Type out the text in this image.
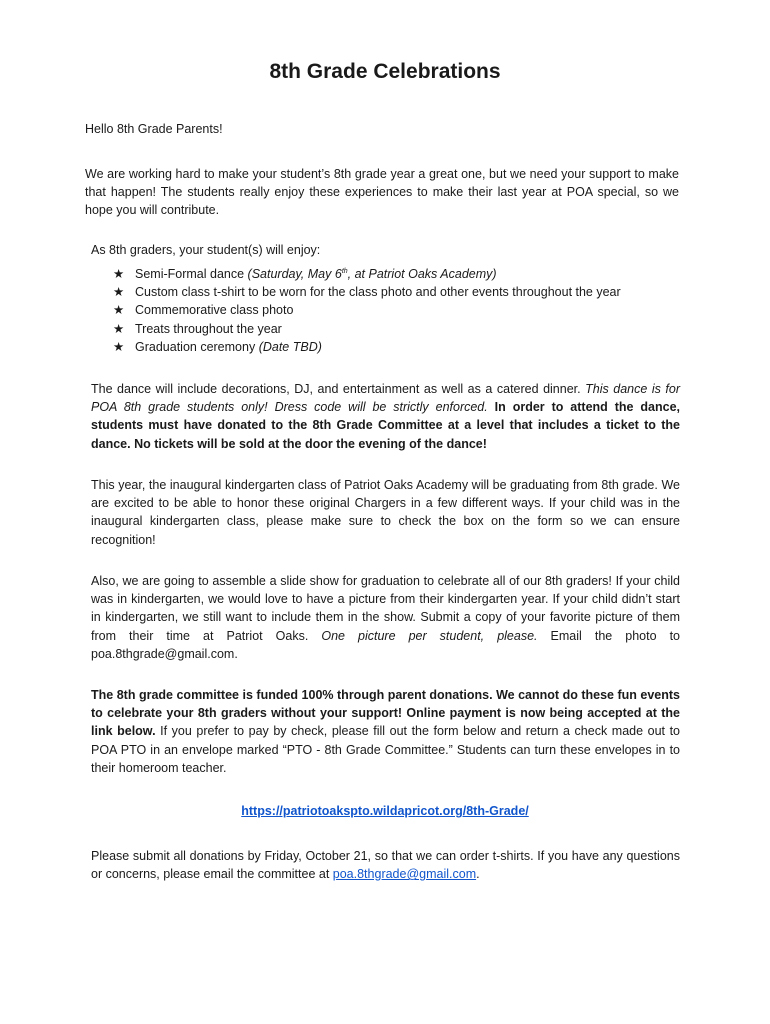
8th Grade Celebrations

Hello 8th Grade Parents!

We are working hard to make your student’s 8th grade year a great one, but we need your support to make that happen! The students really enjoy these experiences to make their last year at POA special, so we hope you will contribute.

As 8th graders, your student(s) will enjoy:

★ Semi-Formal dance (Saturday, May 6th, at Patriot Oaks Academy)
★ Custom class t-shirt to be worn for the class photo and other events throughout the year
★ Commemorative class photo
★ Treats throughout the year
★ Graduation ceremony (Date TBD)

The dance will include decorations, DJ, and entertainment as well as a catered dinner. This dance is for POA 8th grade students only! Dress code will be strictly enforced. In order to attend the dance, students must have donated to the 8th Grade Committee at a level that includes a ticket to the dance. No tickets will be sold at the door the evening of the dance!

This year, the inaugural kindergarten class of Patriot Oaks Academy will be graduating from 8th grade. We are excited to be able to honor these original Chargers in a few different ways. If your child was in the inaugural kindergarten class, please make sure to check the box on the form so we can ensure recognition!

Also, we are going to assemble a slide show for graduation to celebrate all of our 8th graders! If your child was in kindergarten, we would love to have a picture from their kindergarten year. If your child didn’t start in kindergarten, we still want to include them in the show. Submit a copy of your favorite picture of them from their time at Patriot Oaks. One picture per student, please. Email the photo to poa.8thgrade@gmail.com.

The 8th grade committee is funded 100% through parent donations. We cannot do these fun events to celebrate your 8th graders without your support! Online payment is now being accepted at the link below. If you prefer to pay by check, please fill out the form below and return a check made out to POA PTO in an envelope marked “PTO - 8th Grade Committee.” Students can turn these envelopes in to their homeroom teacher.

https://patriotoakspto.wildapricot.org/8th-Grade/

Please submit all donations by Friday, October 21, so that we can order t-shirts. If you have any questions or concerns, please email the committee at poa.8thgrade@gmail.com.
